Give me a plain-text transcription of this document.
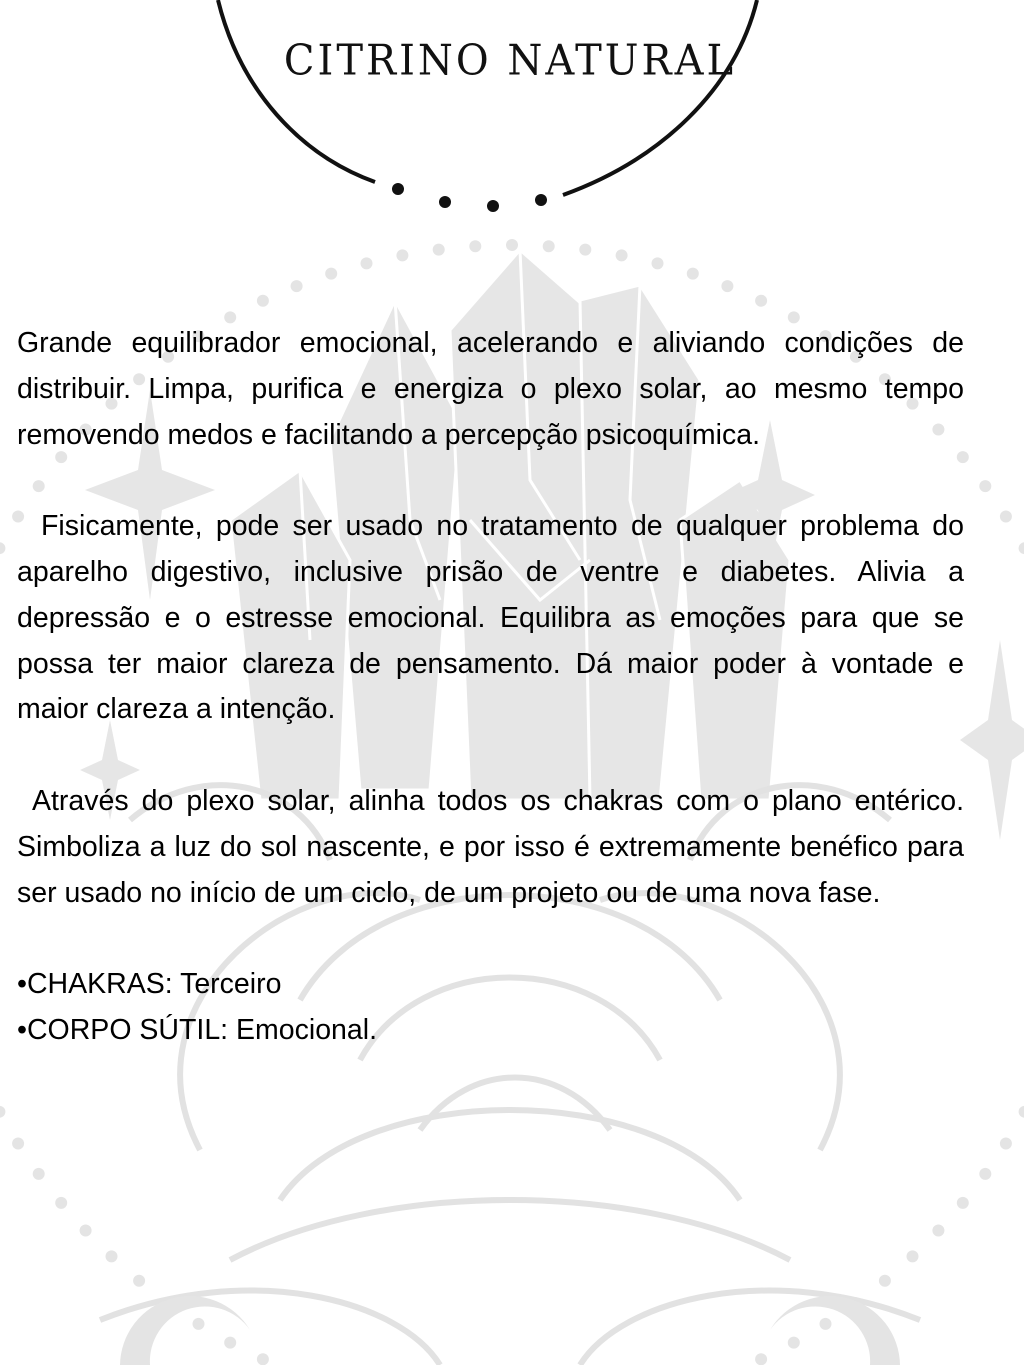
CITRINO NATURAL

Grande equilibrador emocional, acelerando e aliviando condições de distribuir. Limpa, purifica e energiza o plexo solar, ao mesmo tempo removendo medos e facilitando a percepção psicoquímica.

Fisicamente, pode ser usado no tratamento de qualquer problema do aparelho digestivo, inclusive prisão de ventre e diabetes. Alivia a depressão e o estresse emocional. Equilibra as emoções para que se possa ter maior clareza de pensamento. Dá maior poder à vontade e maior clareza a intenção.

Através do plexo solar, alinha todos os chakras com o plano entérico. Simboliza a luz do sol nascente, e por isso é extremamente benéfico para ser usado no início de um ciclo, de um projeto ou de uma nova fase.

•CHAKRAS: Terceiro

•CORPO SÚTIL: Emocional.
